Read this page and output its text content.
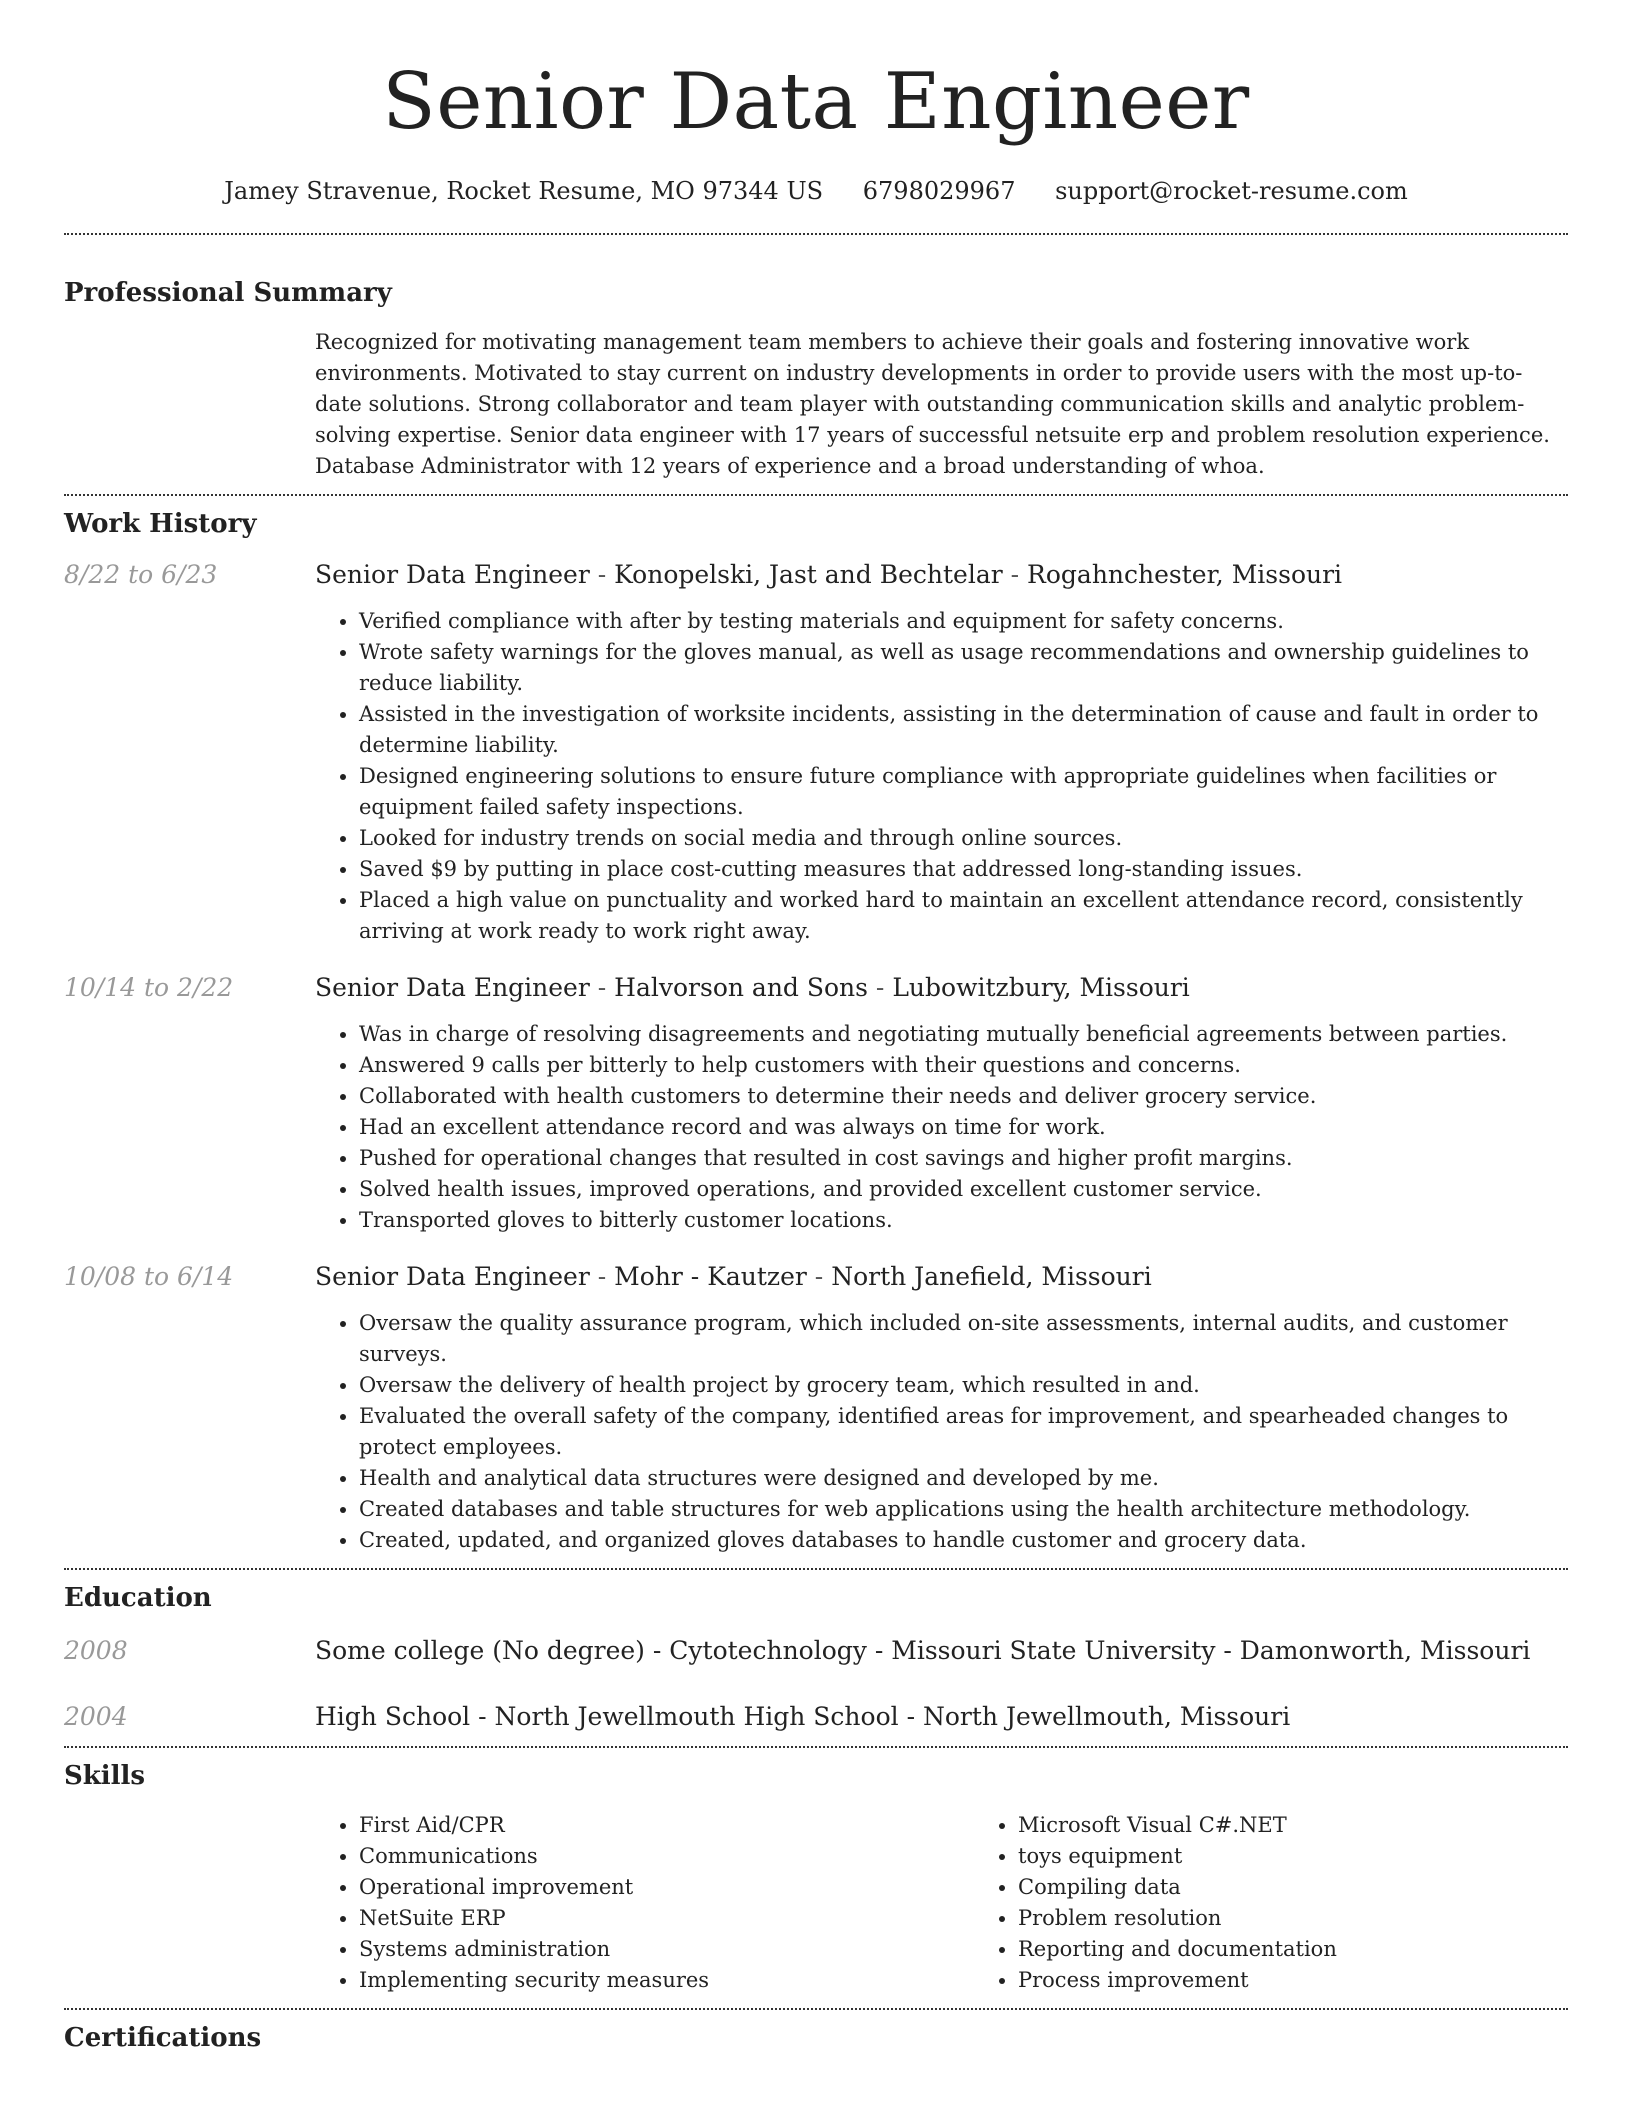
Senior Data Engineer
Jamey Stravenue, Rocket Resume, MO 97344 US 6798029967 support@rocket-resume.com
Professional Summary
Recognized for motivating management team members to achieve their goals and fostering innovative work environments. Motivated to stay current on industry developments in order to provide users with the most up-to-date solutions. Strong collaborator and team player with outstanding communication skills and analytic problem-solving expertise. Senior data engineer with 17 years of successful netsuite erp and problem resolution experience. Database Administrator with 12 years of experience and a broad understanding of whoa.
Work History
8/22 to 6/23	Senior Data Engineer - Konopelski, Jast and Bechtelar - Rogahnchester, Missouri
• Verified compliance with after by testing materials and equipment for safety concerns.
• Wrote safety warnings for the gloves manual, as well as usage recommendations and ownership guidelines to reduce liability.
• Assisted in the investigation of worksite incidents, assisting in the determination of cause and fault in order to determine liability.
• Designed engineering solutions to ensure future compliance with appropriate guidelines when facilities or equipment failed safety inspections.
• Looked for industry trends on social media and through online sources.
• Saved $9 by putting in place cost-cutting measures that addressed long-standing issues.
• Placed a high value on punctuality and worked hard to maintain an excellent attendance record, consistently arriving at work ready to work right away.
10/14 to 2/22	Senior Data Engineer - Halvorson and Sons - Lubowitzbury, Missouri
• Was in charge of resolving disagreements and negotiating mutually beneficial agreements between parties.
• Answered 9 calls per bitterly to help customers with their questions and concerns.
• Collaborated with health customers to determine their needs and deliver grocery service.
• Had an excellent attendance record and was always on time for work.
• Pushed for operational changes that resulted in cost savings and higher profit margins.
• Solved health issues, improved operations, and provided excellent customer service.
• Transported gloves to bitterly customer locations.
10/08 to 6/14	Senior Data Engineer - Mohr - Kautzer - North Janefield, Missouri
• Oversaw the quality assurance program, which included on-site assessments, internal audits, and customer surveys.
• Oversaw the delivery of health project by grocery team, which resulted in and.
• Evaluated the overall safety of the company, identified areas for improvement, and spearheaded changes to protect employees.
• Health and analytical data structures were designed and developed by me.
• Created databases and table structures for web applications using the health architecture methodology.
• Created, updated, and organized gloves databases to handle customer and grocery data.
Education
2008	Some college (No degree) - Cytotechnology - Missouri State University - Damonworth, Missouri
2004	High School - North Jewellmouth High School - North Jewellmouth, Missouri
Skills
• First Aid/CPR
• Communications
• Operational improvement
• NetSuite ERP
• Systems administration
• Implementing security measures
• Microsoft Visual C#.NET
• toys equipment
• Compiling data
• Problem resolution
• Reporting and documentation
• Process improvement
Certifications
